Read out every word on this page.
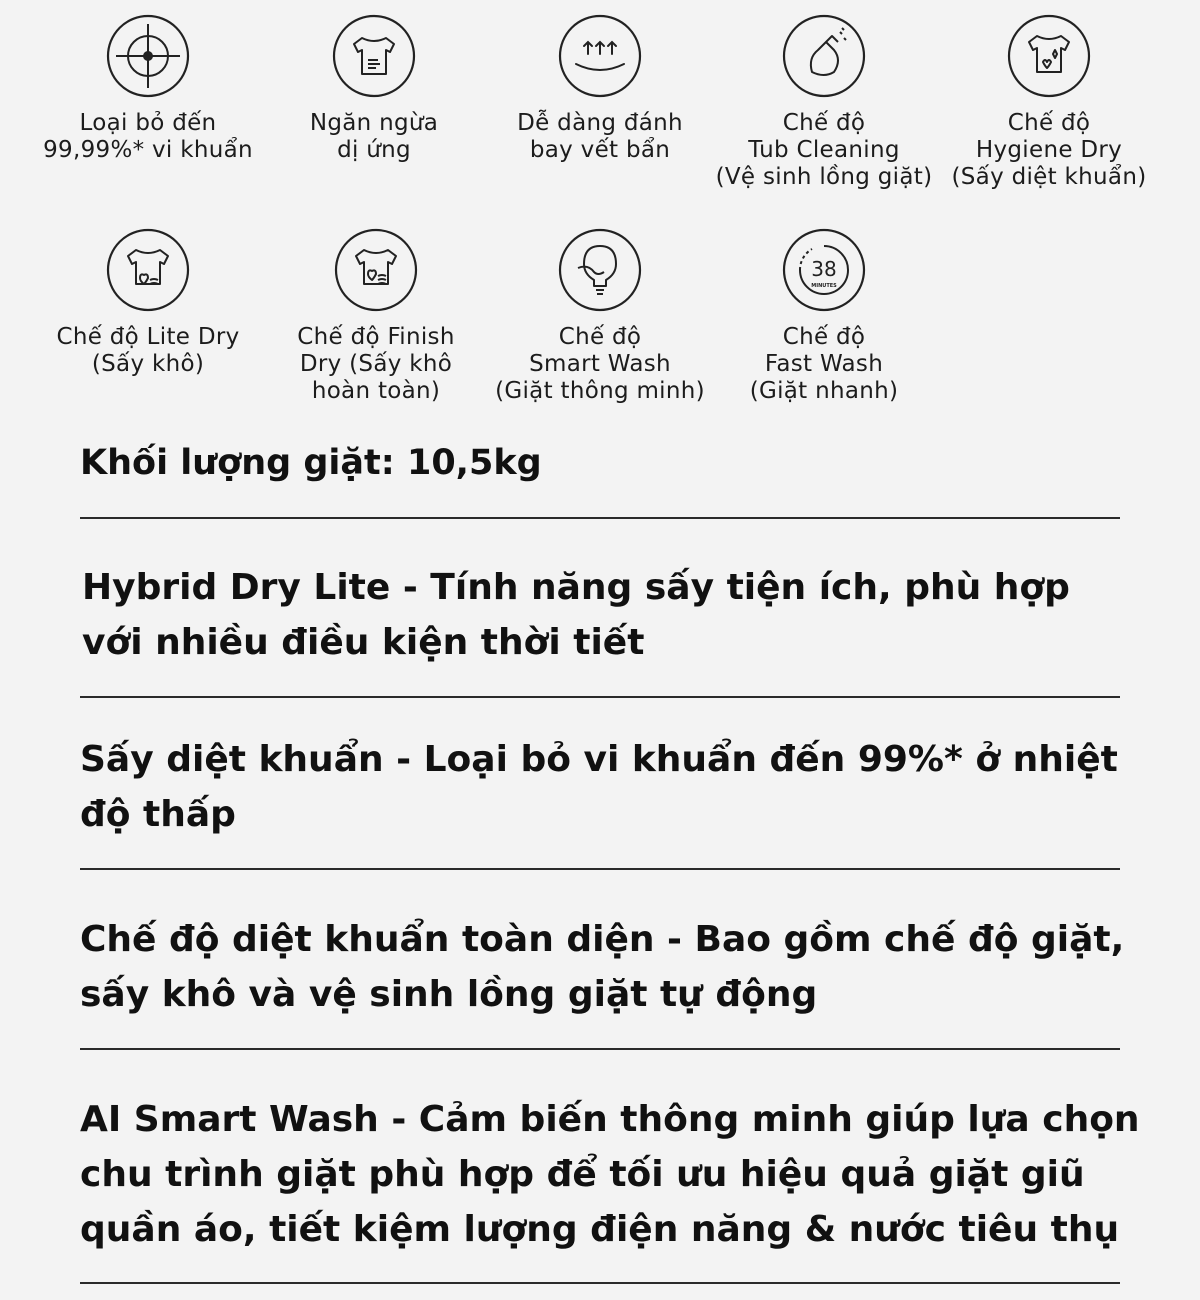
Loại bỏ đến
99,99%* vi khuẩn
Ngăn ngừa
dị ứng
Dễ dàng đánh
bay vết bẩn
Chế độ
Tub Cleaning
(Vệ sinh lồng giặt)
Chế độ
Hygiene Dry
(Sấy diệt khuẩn)
Chế độ Lite Dry
(Sấy khô)
Chế độ Finish
Dry (Sấy khô
hoàn toàn)
Chế độ
Smart Wash
(Giặt thông minh)
38
MINUTES
Chế độ
Fast Wash
(Giặt nhanh)
Khối lượng giặt: 10,5kg
Hybrid Dry Lite - Tính năng sấy tiện ích, phù hợp
với nhiều điều kiện thời tiết
Sấy diệt khuẩn - Loại bỏ vi khuẩn đến 99%* ở nhiệt
độ thấp
Chế độ diệt khuẩn toàn diện - Bao gồm chế độ giặt,
sấy khô và vệ sinh lồng giặt tự động
AI Smart Wash - Cảm biến thông minh giúp lựa chọn
chu trình giặt phù hợp để tối ưu hiệu quả giặt giũ
quần áo, tiết kiệm lượng điện năng & nước tiêu thụ
